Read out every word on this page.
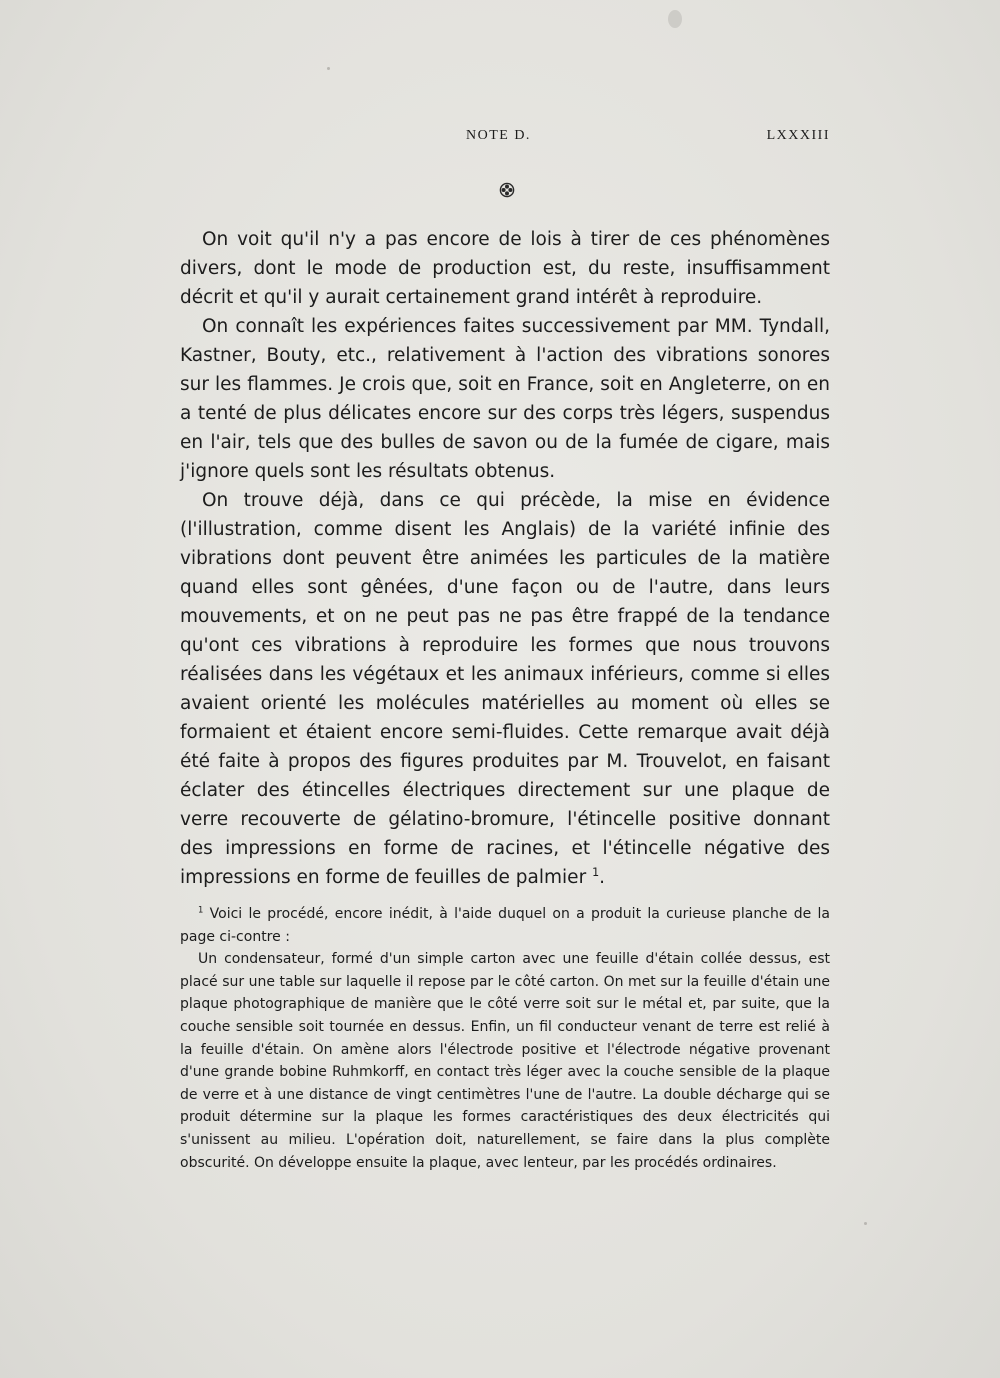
NOTE D.	LXXXIII

On voit qu'il n'y a pas encore de lois à tirer de ces phénomènes divers, dont le mode de production est, du reste, insuffisamment décrit et qu'il y aurait certainement grand intérêt à reproduire.

On connaît les expériences faites successivement par MM. Tyndall, Kastner, Bouty, etc., relativement à l'action des vibrations sonores sur les flammes. Je crois que, soit en France, soit en Angleterre, on en a tenté de plus délicates encore sur des corps très légers, suspendus en l'air, tels que des bulles de savon ou de la fumée de cigare, mais j'ignore quels sont les résultats obtenus.

On trouve déjà, dans ce qui précède, la mise en évidence (l'illustration, comme disent les Anglais) de la variété infinie des vibrations dont peuvent être animées les particules de la matière quand elles sont gênées, d'une façon ou de l'autre, dans leurs mouvements, et on ne peut pas ne pas être frappé de la tendance qu'ont ces vibrations à reproduire les formes que nous trouvons réalisées dans les végétaux et les animaux inférieurs, comme si elles avaient orienté les molécules matérielles au moment où elles se formaient et étaient encore semi-fluides. Cette remarque avait déjà été faite à propos des figures produites par M. Trouvelot, en faisant éclater des étincelles électriques directement sur une plaque de verre recouverte de gélatino-bromure, l'étincelle positive donnant des impressions en forme de racines, et l'étincelle négative des impressions en forme de feuilles de palmier $^1$.

$^1$ Voici le procédé, encore inédit, à l'aide duquel on a produit la curieuse planche de la page ci-contre :

Un condensateur, formé d'un simple carton avec une feuille d'étain collée dessus, est placé sur une table sur laquelle il repose par le côté carton. On met sur la feuille d'étain une plaque photographique de manière que le côté verre soit sur le métal et, par suite, que la couche sensible soit tournée en dessus. Enfin, un fil conducteur venant de terre est relié à la feuille d'étain. On amène alors l'électrode positive et l'électrode négative provenant d'une grande bobine Ruhmkorff, en contact très léger avec la couche sensible de la plaque de verre et à une distance de vingt centimètres l'une de l'autre. La double décharge qui se produit détermine sur la plaque les formes caractéristiques des deux électricités qui s'unissent au milieu. L'opération doit, naturellement, se faire dans la plus complète obscurité. On développe ensuite la plaque, avec lenteur, par les procédés ordinaires.
